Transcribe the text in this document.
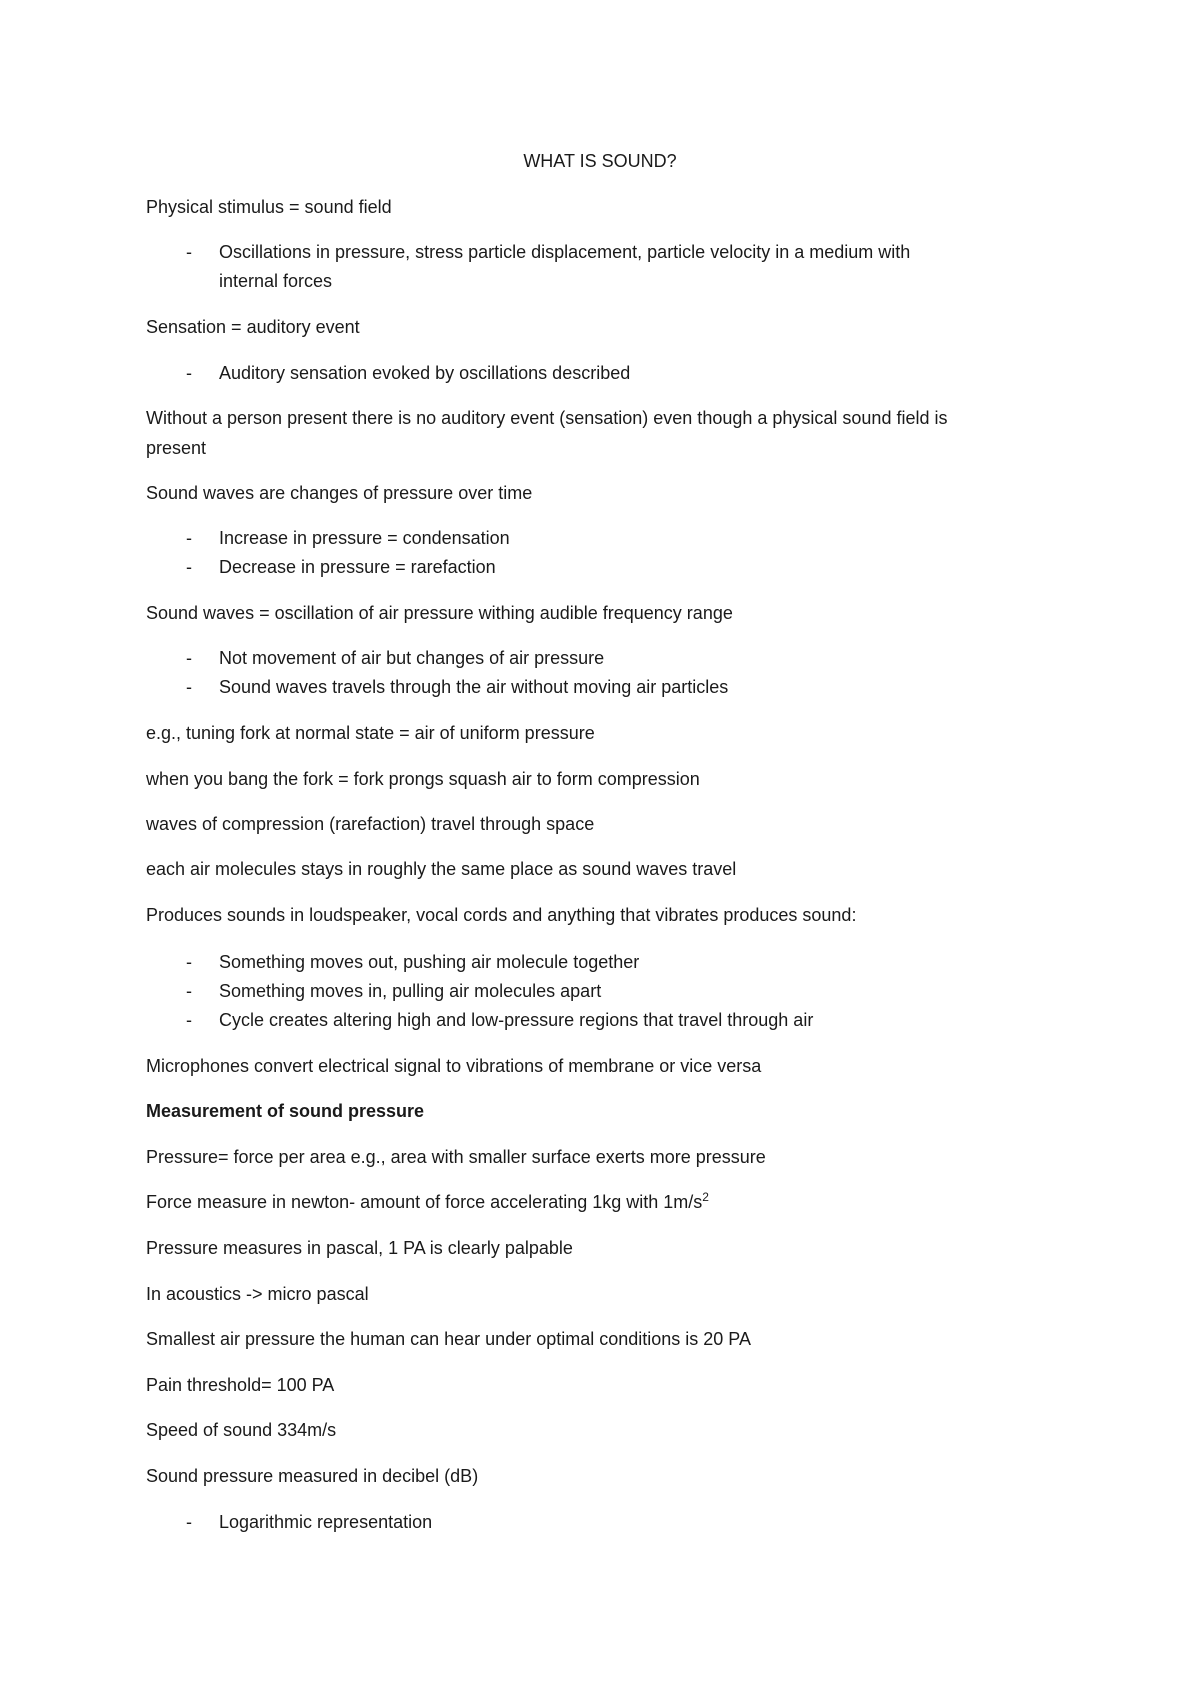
WHAT IS SOUND?

Physical stimulus = sound field

- Oscillations in pressure, stress particle displacement, particle velocity in a medium with
internal forces

Sensation = auditory event

- Auditory sensation evoked by oscillations described

Without a person present there is no auditory event (sensation) even though a physical sound field is

present

Sound waves are changes of pressure over time

- Increase in pressure = condensation
- Decrease in pressure = rarefaction

Sound waves = oscillation of air pressure withing audible frequency range

- Not movement of air but changes of air pressure
- Sound waves travels through the air without moving air particles

e.g., tuning fork at normal state = air of uniform pressure

when you bang the fork = fork prongs squash air to form compression

waves of compression (rarefaction) travel through space

each air molecules stays in roughly the same place as sound waves travel

Produces sounds in loudspeaker, vocal cords and anything that vibrates produces sound:

- Something moves out, pushing air molecule together
- Something moves in, pulling air molecules apart
- Cycle creates altering high and low-pressure regions that travel through air

Microphones convert electrical signal to vibrations of membrane or vice versa

Measurement of sound pressure

Pressure= force per area e.g., area with smaller surface exerts more pressure

Force measure in newton- amount of force accelerating 1kg with $1m/s^2$

Pressure measures in pascal, 1 PA is clearly palpable

In acoustics -> micro pascal

Smallest air pressure the human can hear under optimal conditions is 20 PA

Pain threshold= 100 PA

Speed of sound 334m/s

Sound pressure measured in decibel (dB)

- Logarithmic representation
